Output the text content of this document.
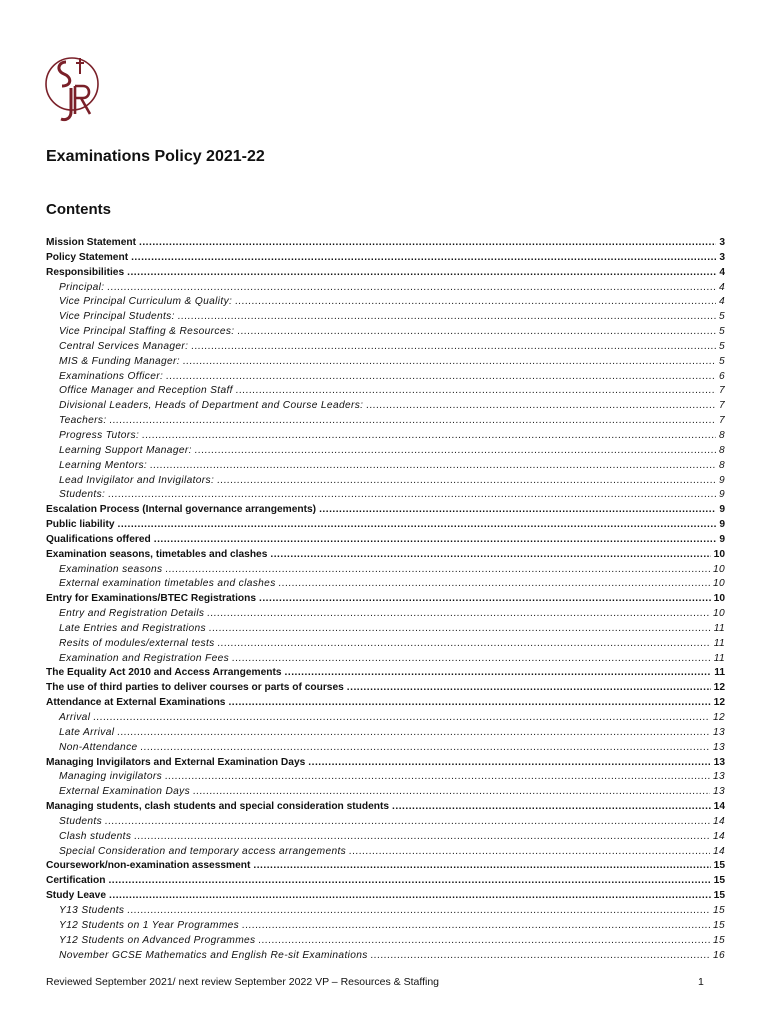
Examinations Policy 2021-22
Contents
Mission Statement .....	3
Policy Statement .....	3
Responsibilities .....	4
Principal: .....	4
Vice Principal Curriculum & Quality: .....	4
Vice Principal Students: .....	5
Vice Principal Staffing & Resources: .....	5
Central Services Manager: .....	5
MIS & Funding Manager: .....	5
Examinations Officer: .....	6
Office Manager and Reception Staff .....	7
Divisional Leaders, Heads of Department and Course Leaders: .....	7
Teachers: .....	7
Progress Tutors: .....	8
Learning Support Manager: .....	8
Learning Mentors: .....	8
Lead Invigilator and Invigilators: .....	9
Students: .....	9
Escalation Process (Internal governance arrangements) .....	9
Public liability .....	9
Qualifications offered .....	9
Examination seasons, timetables and clashes .....	10
Examination seasons .....	10
External examination timetables and clashes .....	10
Entry for Examinations/BTEC Registrations .....	10
Entry and Registration Details .....	10
Late Entries and Registrations .....	11
Resits of modules/external tests .....	11
Examination and Registration Fees .....	11
The Equality Act 2010 and Access Arrangements .....	11
The use of third parties to deliver courses or parts of courses .....	12
Attendance at External Examinations .....	12
Arrival .....	12
Late Arrival .....	13
Non-Attendance .....	13
Managing Invigilators and External Examination Days .....	13
Managing invigilators .....	13
External Examination Days .....	13
Managing students, clash students and special consideration students .....	14
Students .....	14
Clash students .....	14
Special Consideration and temporary access arrangements .....	14
Coursework/non-examination assessment .....	15
Certification .....	15
Study Leave .....	15
Y13 Students .....	15
Y12 Students on 1 Year Programmes .....	15
Y12 Students on Advanced Programmes .....	15
November GCSE Mathematics and English Re-sit Examinations .....	16
Reviewed September 2021/ next review September 2022 VP – Resources & Staffing	1
